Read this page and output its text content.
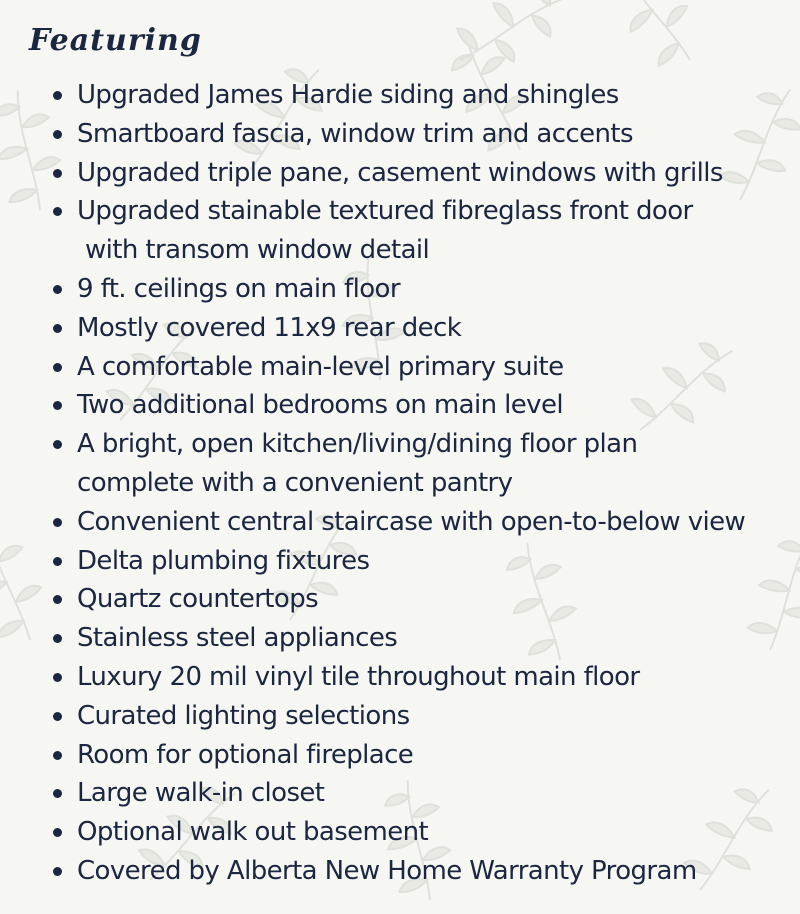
Featuring
Upgraded James Hardie siding and shingles
Smartboard fascia, window trim and accents
Upgraded triple pane, casement windows with grills
Upgraded stainable textured fibreglass front door
with transom window detail
9 ft. ceilings on main floor
Mostly covered 11x9 rear deck
A comfortable main-level primary suite
Two additional bedrooms on main level
A bright, open kitchen/living/dining floor plan
complete with a convenient pantry
Convenient central staircase with open-to-below view
Delta plumbing fixtures
Quartz countertops
Stainless steel appliances
Luxury 20 mil vinyl tile throughout main floor
Curated lighting selections
Room for optional fireplace
Large walk-in closet
Optional walk out basement
Covered by Alberta New Home Warranty Program
